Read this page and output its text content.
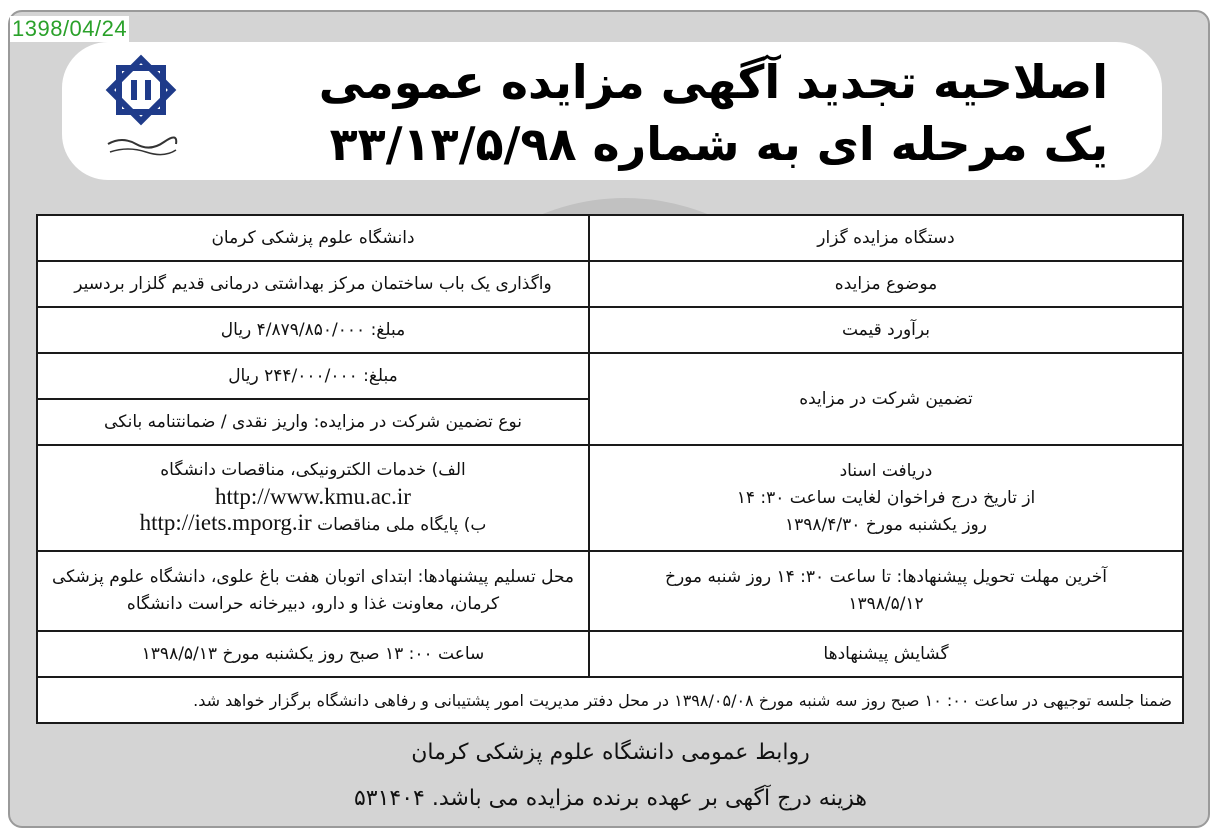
اصلاحیه تجدید آگهی مزایده عمومی
یک مرحله ای به شماره ۳۳/۱۳/۵/۹۸
1398/04/24
دستگاه مزایده گزار	دانشگاه علوم پزشکی کرمان
موضوع مزایده	واگذاری یک باب ساختمان مرکز بهداشتی درمانی قدیم گلزار بردسیر
برآورد قیمت	مبلغ: ۴/۸۷۹/۸۵۰/۰۰۰ ریال
تضمین شرکت در مزایده	مبلغ: ۲۴۴/۰۰۰/۰۰۰ ریال
	نوع تضمین شرکت در مزایده: واریز نقدی / ضمانتنامه بانکی

دریافت اسناد
از تاریخ درج فراخوان لغایت ساعت ۳۰: ۱۴
روز یکشنبه مورخ ۱۳۹۸/۴/۳۰	الف) خدمات الکترونیکی، مناقصات دانشگاه
http://www.kmu.ac.ir
ب) پایگاه ملی مناقصات http://iets.mporg.ir

آخرین مهلت تحویل پیشنهادها: تا ساعت ۳۰: ۱۴ روز شنبه مورخ
۱۳۹۸/۵/۱۲	محل تسلیم پیشنهادها: ابتدای اتوبان هفت باغ علوی، دانشگاه علوم پزشکی
کرمان، معاونت غذا و دارو، دبیرخانه حراست دانشگاه

گشایش پیشنهادها	ساعت ۰۰: ۱۳ صبح روز یکشنبه مورخ ۱۳۹۸/۵/۱۳
ضمنا جلسه توجیهی در ساعت ۰۰: ۱۰ صبح روز سه شنبه مورخ ۱۳۹۸/۰۵/۰۸ در محل دفتر مدیریت امور پشتیبانی و رفاهی دانشگاه برگزار خواهد شد.	
روابط عمومی دانشگاه علوم پزشکی کرمان
هزینه درج آگهی بر عهده برنده مزایده می باشد. ۵۳۱۴۰۴
